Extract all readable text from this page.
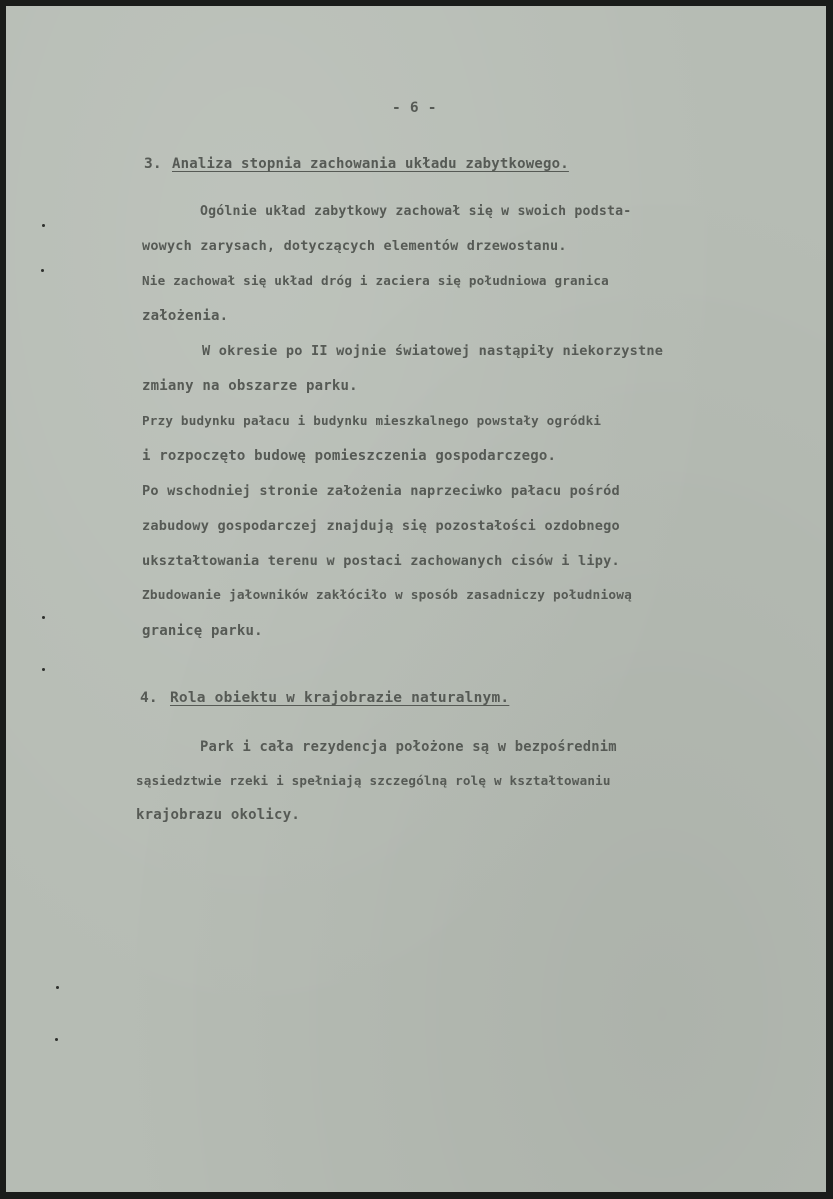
- 6 -
3. Analiza stopnia zachowania układu zabytkowego.
Ogólnie układ zabytkowy zachował się w swoich podsta-
wowych zarysach, dotyczących elementów drzewostanu.
Nie zachował się układ dróg i zaciera się południowa granica
założenia.
W okresie po II wojnie światowej nastąpiły niekorzystne
zmiany na obszarze parku.
Przy budynku pałacu i budynku mieszkalnego powstały ogródki
i rozpoczęto budowę pomieszczenia gospodarczego.
Po wschodniej stronie założenia naprzeciwko pałacu pośród
zabudowy gospodarczej znajdują się pozostałości ozdobnego
ukształtowania terenu w postaci zachowanych cisów i lipy.
Zbudowanie jałowników zakłóciło w sposób zasadniczy południową
granicę parku.
4. Rola obiektu w krajobrazie naturalnym.
Park i cała rezydencja położone są w bezpośrednim
sąsiedztwie rzeki i spełniają szczególną rolę w kształtowaniu
krajobrazu okolicy.
